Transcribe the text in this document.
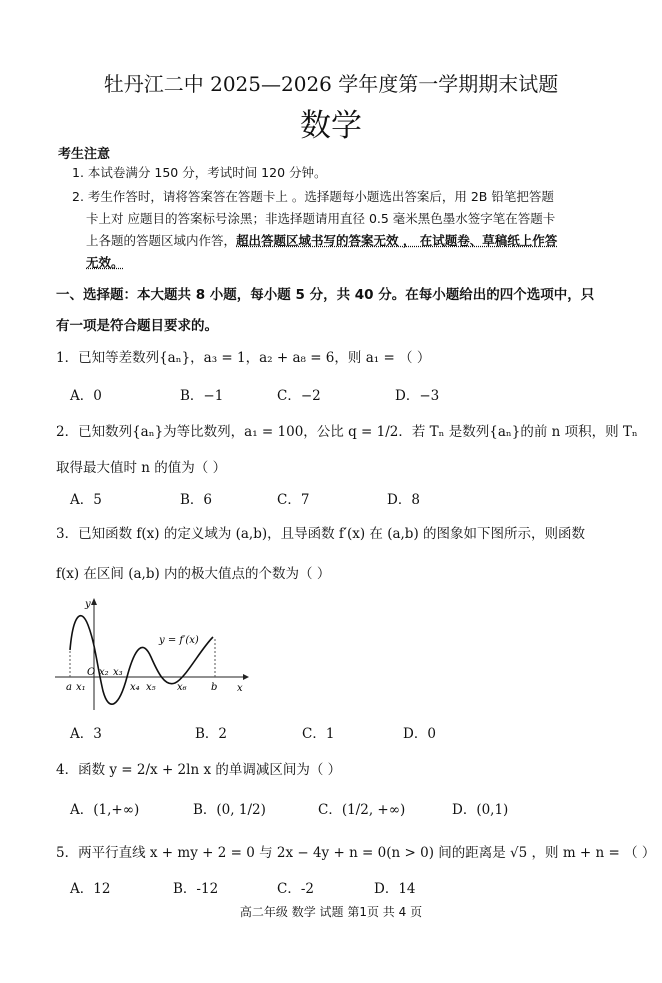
牡丹江二中 2025—2026 学年度第一学期期末试题
数学
考生注意
1. 本试卷满分 150 分，考试时间 120 分钟。
2. 考生作答时，请将答案答在答题卡上 。选择题每小题选出答案后，用 2B 铅笔把答题
卡上对 应题目的答案标号涂黑；非选择题请用直径 0.5 毫米黑色墨水签字笔在答题卡
上各题的答题区域内作答，超出答题区域书写的答案无效 ， 在试题卷、草稿纸上作答
无效。
一、选择题：本大题共 8 小题，每小题 5 分，共 40 分。在每小题给出的四个选项中，只
有一项是符合题目要求的。
1．已知等差数列{aₙ}，a₃ = 1，a₂ + a₈ = 6，则 a₁ = （ ）
A．0	B．−1	C．−2	D．−3
2．已知数列{aₙ}为等比数列，a₁ = 100，公比 q = 1/2．若 Tₙ 是数列{aₙ}的前 n 项积，则 Tₙ
取得最大值时 n 的值为（ ）
A．5	B．6	C．7	D．8
3．已知函数 f(x) 的定义域为 (a,b)，且导函数 f′(x) 在 (a,b) 的图象如下图所示，则函数
f(x) 在区间 (a,b) 内的极大值点的个数为（ ）
y
x
y = f′(x)
O
a x₁
x₂ x₃
x₄ x₅ x₆ b
A．3	B．2	C．1	D．0
4．函数 y = 2/x + 2ln x 的单调减区间为（ ）
A．(1,+∞)	B．(0, 1/2)	C．(1/2, +∞)	D．(0,1)
5．两平行直线 x + my + 2 = 0 与 2x − 4y + n = 0(n > 0) 间的距离是 √5 ，则 m + n = （ ）
A．12	B．-12	C．-2	D．14
高二年级 数学 试题 第1页 共 4 页
